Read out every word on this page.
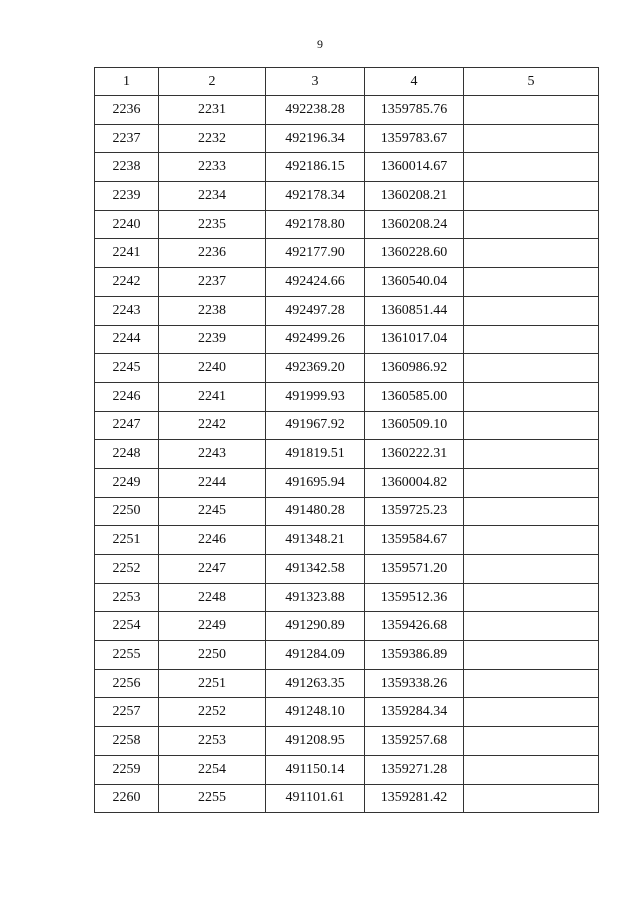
9
1	2	3	4	5
2236	2231	492238.28	1359785.76	
2237	2232	492196.34	1359783.67	
2238	2233	492186.15	1360014.67	
2239	2234	492178.34	1360208.21	
2240	2235	492178.80	1360208.24	
2241	2236	492177.90	1360228.60	
2242	2237	492424.66	1360540.04	
2243	2238	492497.28	1360851.44	
2244	2239	492499.26	1361017.04	
2245	2240	492369.20	1360986.92	
2246	2241	491999.93	1360585.00	
2247	2242	491967.92	1360509.10	
2248	2243	491819.51	1360222.31	
2249	2244	491695.94	1360004.82	
2250	2245	491480.28	1359725.23	
2251	2246	491348.21	1359584.67	
2252	2247	491342.58	1359571.20	
2253	2248	491323.88	1359512.36	
2254	2249	491290.89	1359426.68	
2255	2250	491284.09	1359386.89	
2256	2251	491263.35	1359338.26	
2257	2252	491248.10	1359284.34	
2258	2253	491208.95	1359257.68	
2259	2254	491150.14	1359271.28	
2260	2255	491101.61	1359281.42	
